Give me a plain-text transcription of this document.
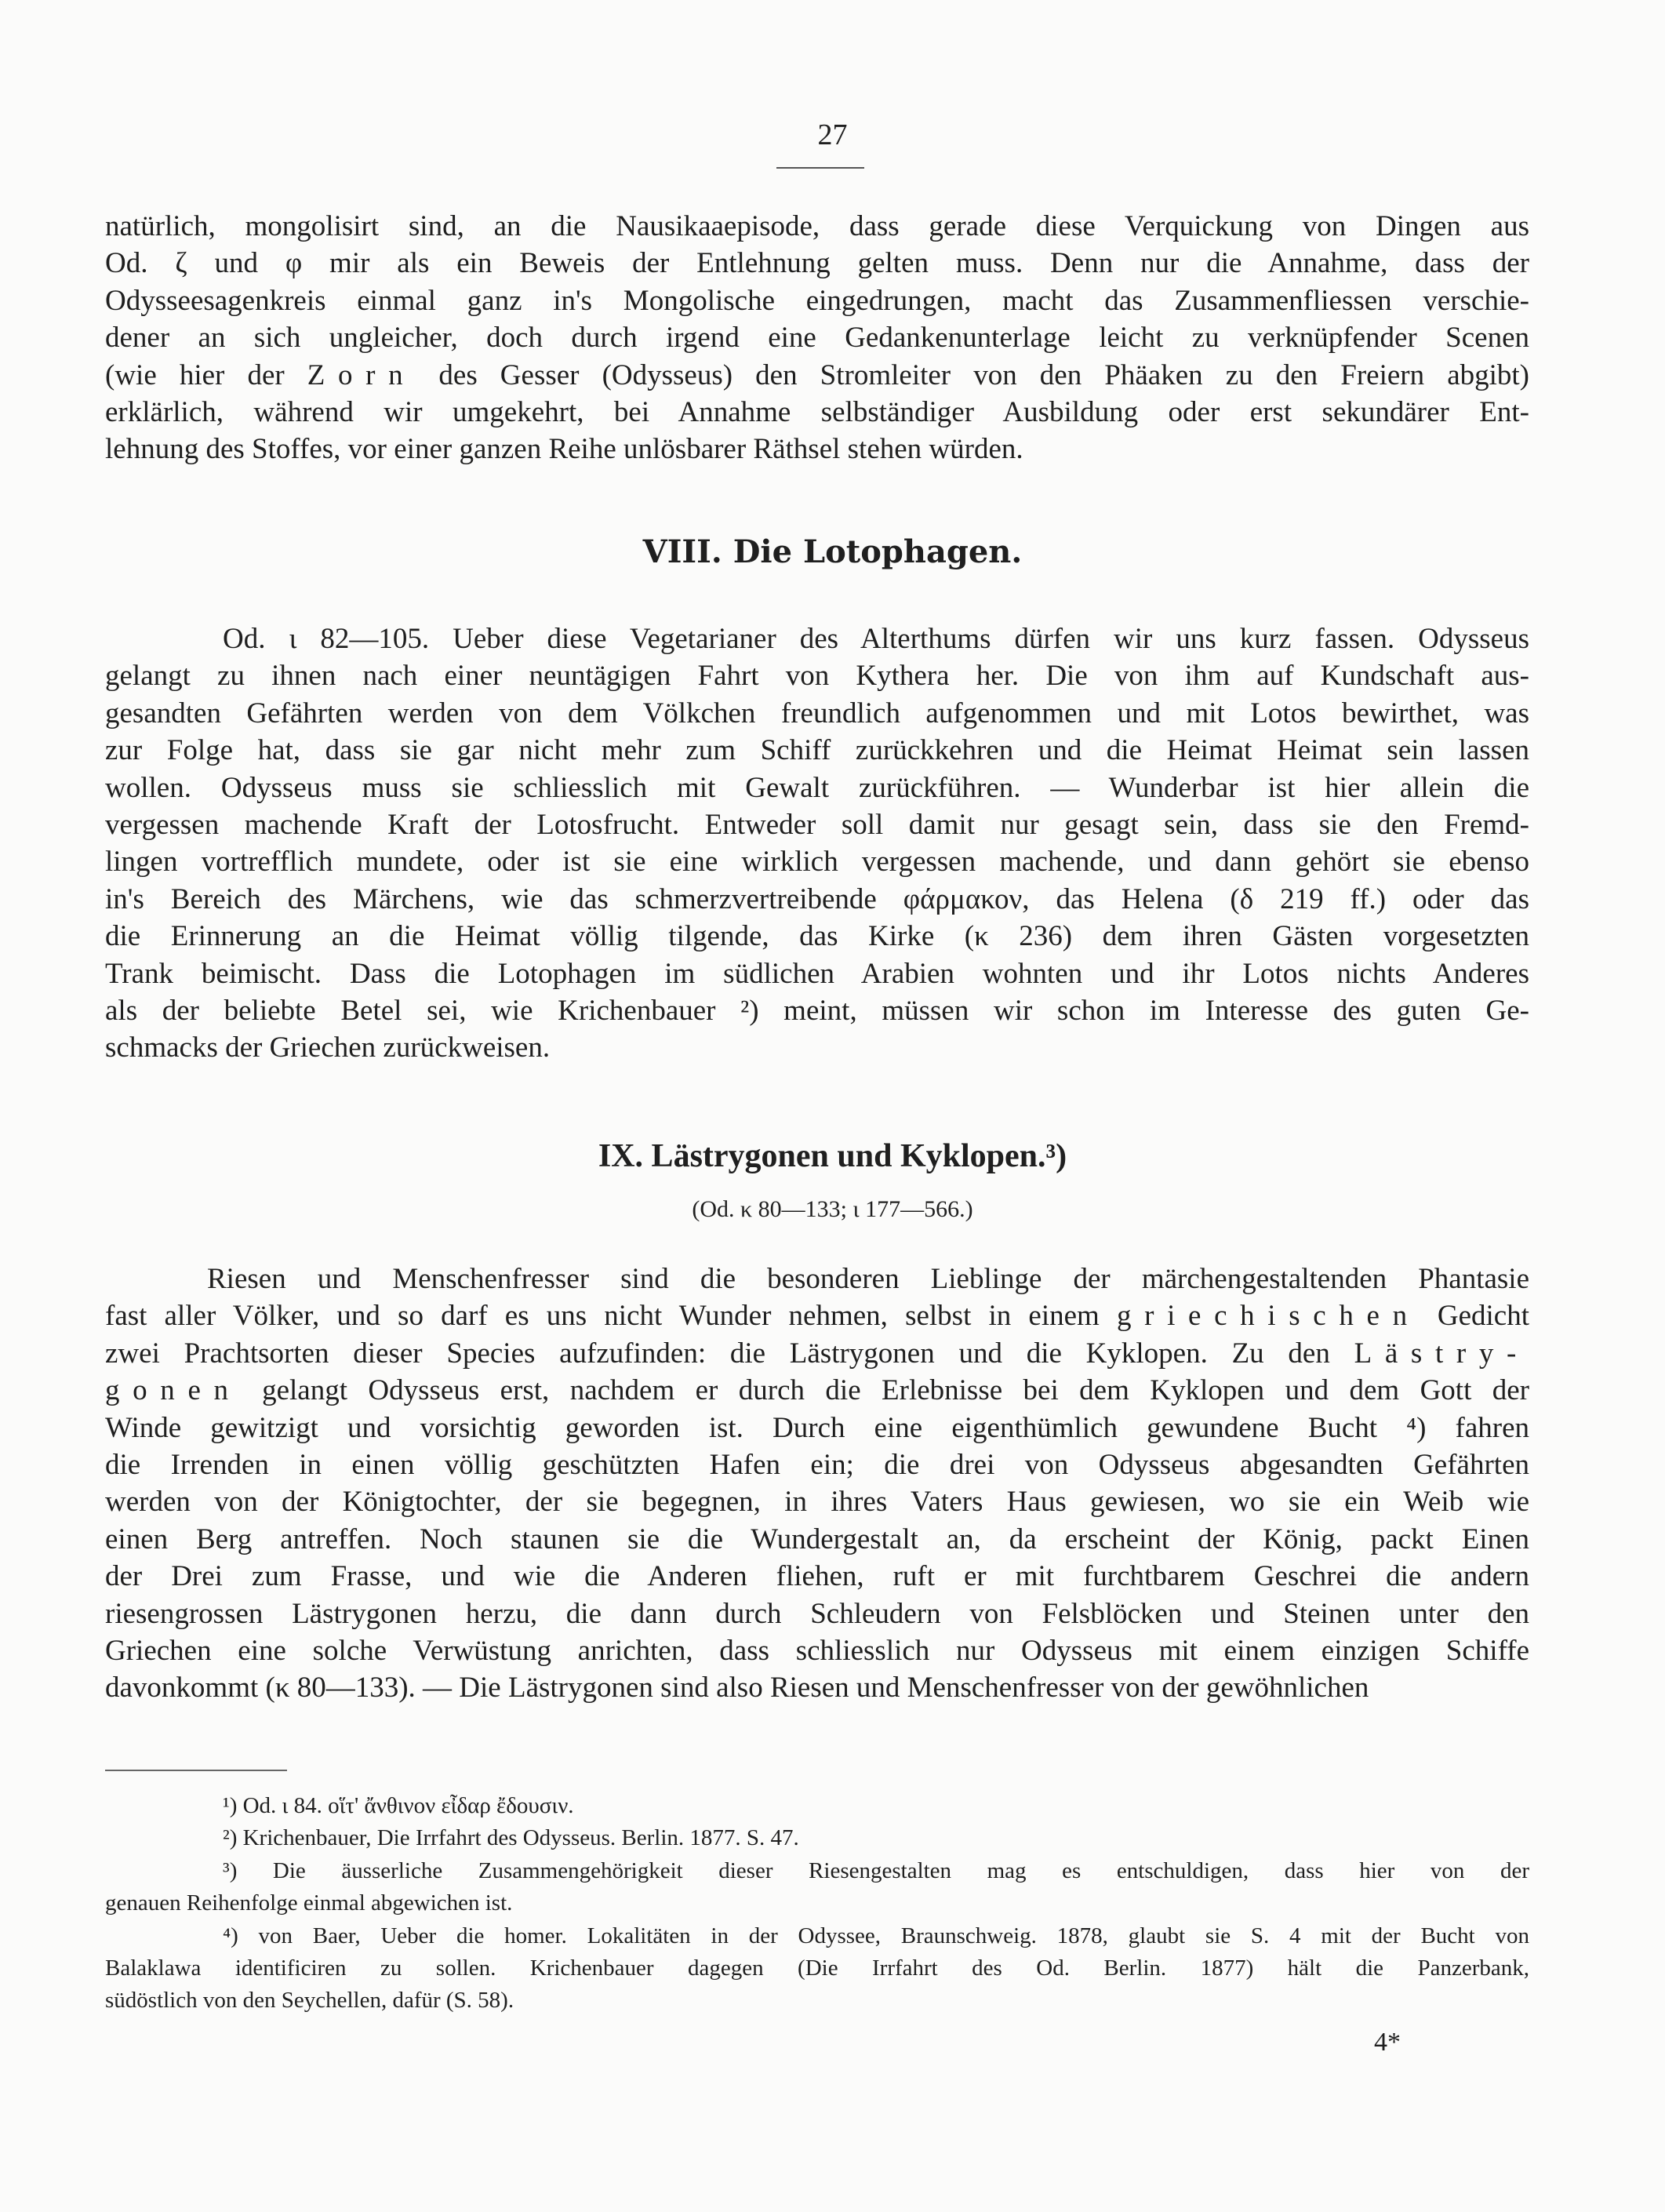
27
natürlich, mongolisirt sind, an die Nausikaaepisode, dass gerade diese Verquickung von Dingen aus
Od. ζ und φ mir als ein Beweis der Entlehnung gelten muss. Denn nur die Annahme, dass der
Odysseesagenkreis einmal ganz in's Mongolische eingedrungen, macht das Zusammenfliessen verschie-
dener an sich ungleicher, doch durch irgend eine Gedankenunterlage leicht zu verknüpfender Scenen
(wie hier der Zorn des Gesser (Odysseus) den Stromleiter von den Phäaken zu den Freiern abgibt)
erklärlich, während wir umgekehrt, bei Annahme selbständiger Ausbildung oder erst sekundärer Ent-
lehnung des Stoffes, vor einer ganzen Reihe unlösbarer Räthsel stehen würden.
VIII. Die Lotophagen.
Od. ι 82—105. Ueber diese Vegetarianer des Alterthums dürfen wir uns kurz fassen. Odysseus
gelangt zu ihnen nach einer neuntägigen Fahrt von Kythera her. Die von ihm auf Kundschaft aus-
gesandten Gefährten werden von dem Völkchen freundlich aufgenommen und mit Lotos bewirthet, was
zur Folge hat, dass sie gar nicht mehr zum Schiff zurückkehren und die Heimat Heimat sein lassen
wollen. Odysseus muss sie schliesslich mit Gewalt zurückführen. — Wunderbar ist hier allein die
vergessen machende Kraft der Lotosfrucht. Entweder soll damit nur gesagt sein, dass sie den Fremd-
lingen vortrefflich mundete, oder ist sie eine wirklich vergessen machende, und dann gehört sie ebenso
in's Bereich des Märchens, wie das schmerzvertreibende φάρμακον, das Helena (δ 219 ff.) oder das
die Erinnerung an die Heimat völlig tilgende, das Kirke (κ 236) dem ihren Gästen vorgesetzten
Trank beimischt. Dass die Lotophagen im südlichen Arabien wohnten und ihr Lotos nichts Anderes
als der beliebte Betel sei, wie Krichenbauer ²) meint, müssen wir schon im Interesse des guten Ge-
schmacks der Griechen zurückweisen.
IX. Lästrygonen und Kyklopen.³)
(Od. κ 80—133; ι 177—566.)
Riesen und Menschenfresser sind die besonderen Lieblinge der märchengestaltenden Phantasie
fast aller Völker, und so darf es uns nicht Wunder nehmen, selbst in einem griechischen Gedicht
zwei Prachtsorten dieser Species aufzufinden: die Lästrygonen und die Kyklopen. Zu den Lästry-
gonen gelangt Odysseus erst, nachdem er durch die Erlebnisse bei dem Kyklopen und dem Gott der
Winde gewitzigt und vorsichtig geworden ist. Durch eine eigenthümlich gewundene Bucht ⁴) fahren
die Irrenden in einen völlig geschützten Hafen ein; die drei von Odysseus abgesandten Gefährten
werden von der Königtochter, der sie begegnen, in ihres Vaters Haus gewiesen, wo sie ein Weib wie
einen Berg antreffen. Noch staunen sie die Wundergestalt an, da erscheint der König, packt Einen
der Drei zum Frasse, und wie die Anderen fliehen, ruft er mit furchtbarem Geschrei die andern
riesengrossen Lästrygonen herzu, die dann durch Schleudern von Felsblöcken und Steinen unter den
Griechen eine solche Verwüstung anrichten, dass schliesslich nur Odysseus mit einem einzigen Schiffe
davonkommt (κ 80—133). — Die Lästrygonen sind also Riesen und Menschenfresser von der gewöhnlichen
¹) Od. ι 84. οἵτ' ἄνθινον εἶδαρ ἔδουσιν.
²) Krichenbauer, Die Irrfahrt des Odysseus. Berlin. 1877. S. 47.
³) Die äusserliche Zusammengehörigkeit dieser Riesengestalten mag es entschuldigen, dass hier von der
genauen Reihenfolge einmal abgewichen ist.
⁴) von Baer, Ueber die homer. Lokalitäten in der Odyssee, Braunschweig. 1878, glaubt sie S. 4 mit der Bucht von
Balaklawa identificiren zu sollen. Krichenbauer dagegen (Die Irrfahrt des Od. Berlin. 1877) hält die Panzerbank,
südöstlich von den Seychellen, dafür (S. 58).
4*
